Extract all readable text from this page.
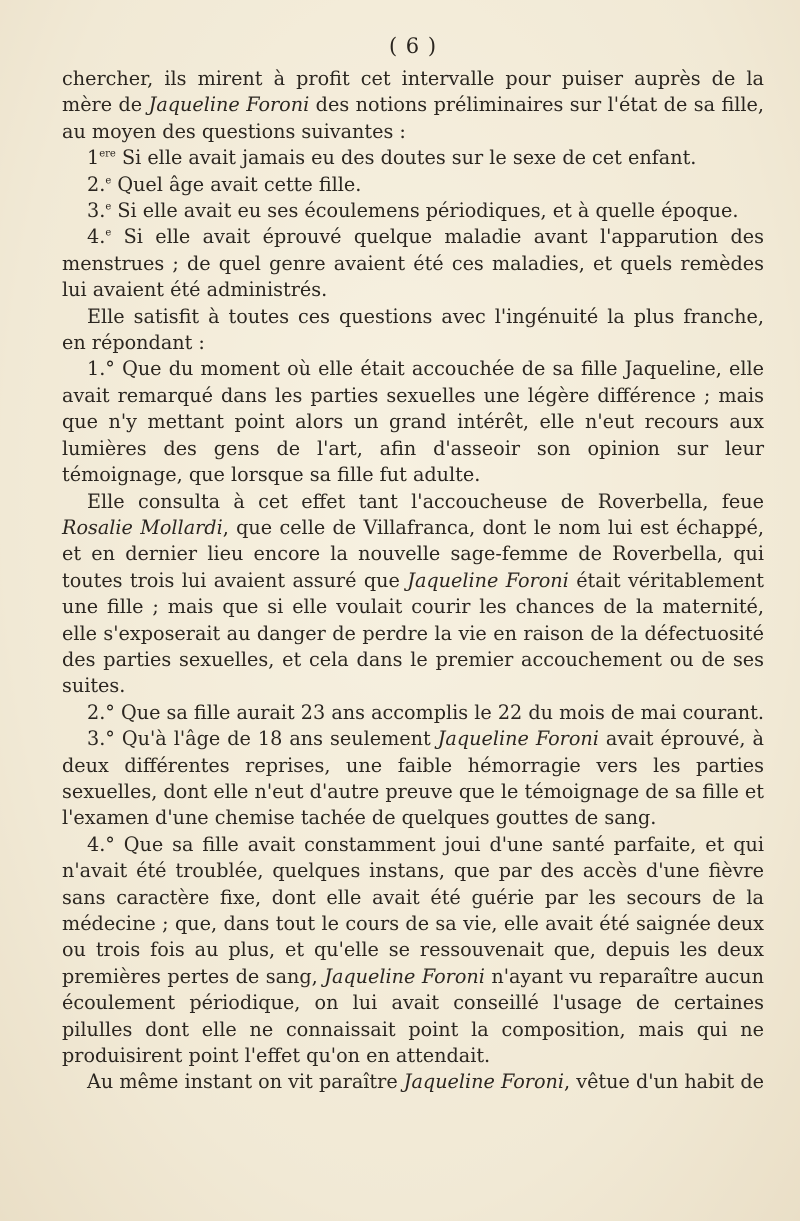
( 6 )

chercher, ils mirent à profit cet intervalle pour puiser auprès de la mère de Jaqueline Foroni des notions préliminaires sur l'état de sa fille, au moyen des questions suivantes :

1ere Si elle avait jamais eu des doutes sur le sexe de cet enfant.

2.$^e$ Quel âge avait cette fille.

3.$^e$ Si elle avait eu ses écoulemens périodiques, et à quelle époque.

4.$^e$ Si elle avait éprouvé quelque maladie avant l'apparution des menstrues ; de quel genre avaient été ces maladies, et quels remèdes lui avaient été administrés.

Elle satisfit à toutes ces questions avec l'ingénuité la plus franche, en répondant :

1.° Que du moment où elle était accouchée de sa fille Jaqueline, elle avait remarqué dans les parties sexuelles une légère différence ; mais que n'y mettant point alors un grand intérêt, elle n'eut recours aux lumières des gens de l'art, afin d'asseoir son opinion sur leur témoignage, que lorsque sa fille fut adulte.

Elle consulta à cet effet tant l'accoucheuse de Roverbella, feue Rosalie Mollardi, que celle de Villafranca, dont le nom lui est échappé, et en dernier lieu encore la nouvelle sage-femme de Roverbella, qui toutes trois lui avaient assuré que Jaqueline Foroni était véritablement une fille ; mais que si elle voulait courir les chances de la maternité, elle s'exposerait au danger de perdre la vie en raison de la défectuosité des parties sexuelles, et cela dans le premier accouchement ou de ses suites.

2.° Que sa fille aurait 23 ans accomplis le 22 du mois de mai courant.

3.° Qu'à l'âge de 18 ans seulement Jaqueline Foroni avait éprouvé, à deux différentes reprises, une faible hémorragie vers les parties sexuelles, dont elle n'eut d'autre preuve que le témoignage de sa fille et l'examen d'une chemise tachée de quelques gouttes de sang.

4.° Que sa fille avait constamment joui d'une santé parfaite, et qui n'avait été troublée, quelques instans, que par des accès d'une fièvre sans caractère fixe, dont elle avait été guérie par les secours de la médecine ; que, dans tout le cours de sa vie, elle avait été saignée deux ou trois fois au plus, et qu'elle se ressouvenait que, depuis les deux premières pertes de sang, Jaqueline Foroni n'ayant vu reparaître aucun écoulement périodique, on lui avait conseillé l'usage de certaines pilulles dont elle ne connaissait point la composition, mais qui ne produisirent point l'effet qu'on en attendait.

Au même instant on vit paraître Jaqueline Foroni, vêtue d'un habit de
